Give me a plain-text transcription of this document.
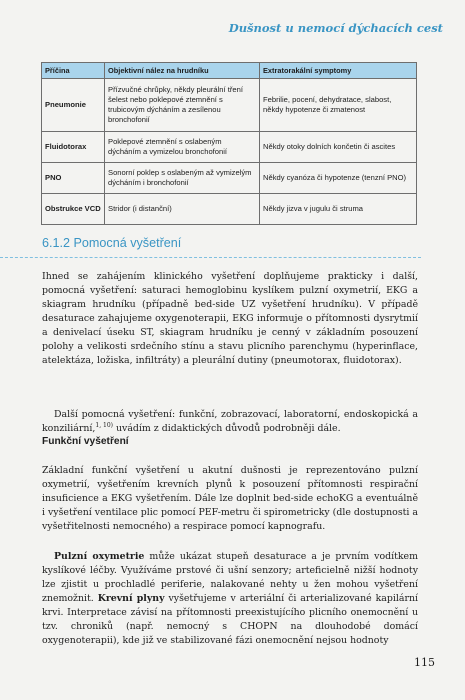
Dušnost u nemocí dýchacích cest
Příčina	Objektivní nález na hrudníku	Extratorakální symptomy
Pneumonie	Přízvučné chrůpky, někdy pleurální tření šelest nebo poklepové ztemnění s trubicovým dýcháním a zesílenou bronchofonií	Febrilie, pocení, dehydratace, slabost, někdy hypotenze či zmatenost
Fluidotorax	Poklepové ztemnění s oslabeným dýcháním a vymizelou bronchofonií	Někdy otoky dolních končetin či ascites
PNO	Sonorní poklep s oslabeným až vymizelým dýcháním i bronchofonií	Někdy cyanóza či hypotenze (tenzní PNO)
Obstrukce VCD	Stridor (i distanční)	Někdy jizva v jugulu či struma
6.1.2 Pomocná vyšetření

Ihned se zahájením klinického vyšetření doplňujeme prakticky i další, pomocná vyšetření: saturaci hemoglobinu kyslíkem pulzní oxymetrií, EKG a skiagram hrudníku (případně bed-side UZ vyšetření hrudníku). V případě desaturace zahajujeme oxygenoterapii, EKG informuje o přítomnosti dysrytmií a denivelací úseku ST, skiagram hrudníku je cenný v základním posouzení polohy a velikosti srdečního stínu a stavu plicního parenchymu (hyperinflace, atelektáza, ložiska, infiltráty) a pleurální dutiny (pneumotorax, fluidotorax).

Další pomocná vyšetření: funkční, zobrazovací, laboratorní, endoskopická a konziliární,$^{1, 10)}$ uvádím z didaktických důvodů podrobněji dále.

Funkční vyšetření

Základní funkční vyšetření u akutní dušnosti je reprezentováno pulzní oxymetrií, vyšetřením krevních plynů k posouzení přítomnosti respirační insuficience a EKG vyšetřením. Dále lze doplnit bed-side echoKG a eventuálně i vyšetření ventilace plic pomocí PEF-metru či spirometricky (dle dostupnosti a vyšetřitelnosti nemocného) a respirace pomocí kapnografu.

Pulzní oxymetrie může ukázat stupeň desaturace a je prvním vodítkem kyslíkové léčby. Využíváme prstové či ušní senzory; arteficielně nižší hodnoty lze zjistit u prochladlé periferie, nalakované nehty u žen mohou vyšetření znemožnit. Krevní plyny vyšetřujeme v arteriální či arterializované kapilární krvi. Interpretace závisí na přítomnosti preexistujícího plicního onemocnění u tzv. chroniků (např. nemocný s CHOPN na dlouhodobé domácí oxygenoterapii), kde již ve stabilizované fázi onemocnění nejsou hodnoty

115
